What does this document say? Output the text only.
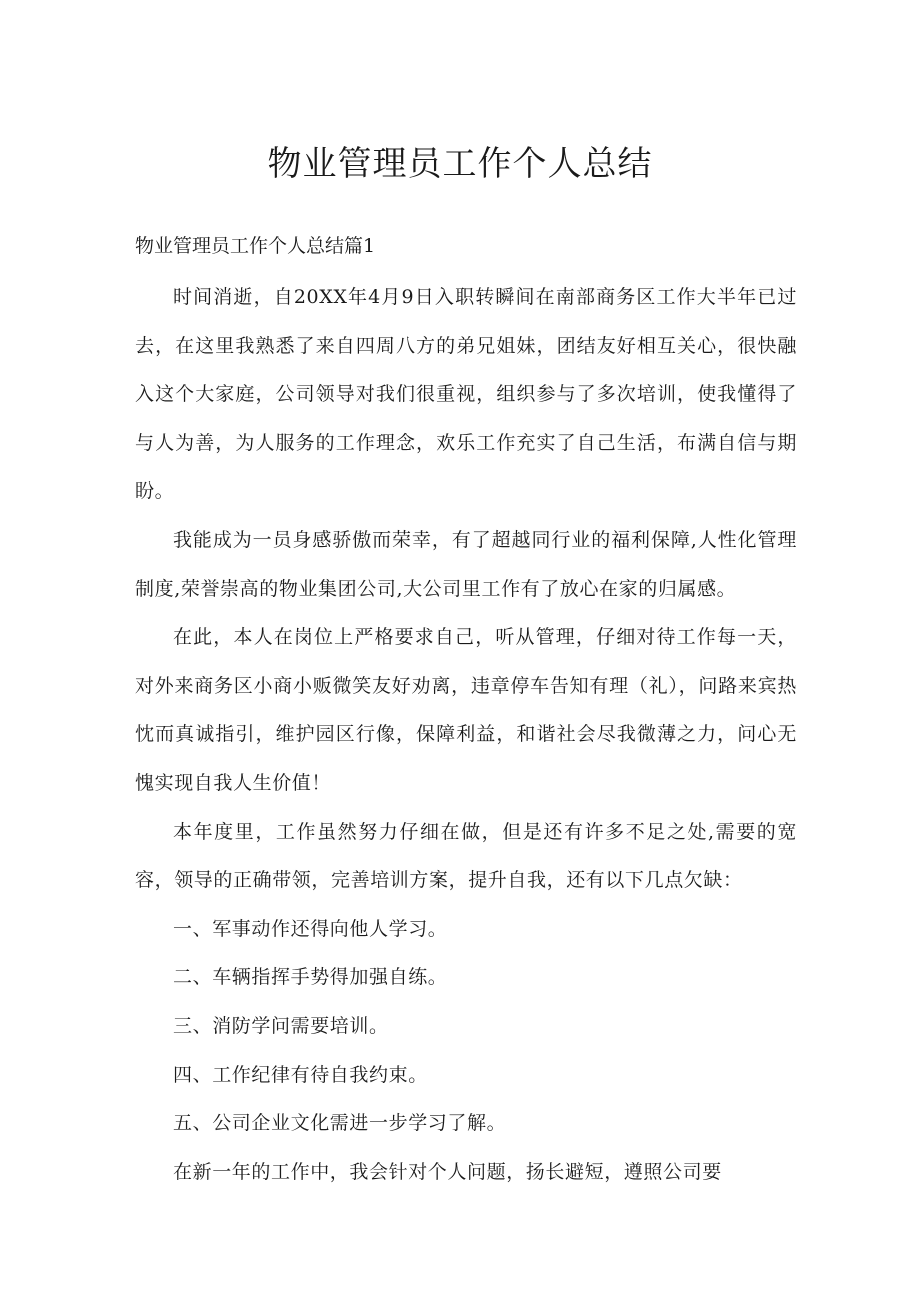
物业管理员工作个人总结
物业管理员工作个人总结篇1

时间消逝，自20XX年4月9日入职转瞬间在南部商务区工作大半年已过去，在这里我熟悉了来自四周八方的弟兄姐妹，团结友好相互关心，很快融入这个大家庭，公司领导对我们很重视，组织参与了多次培训，使我懂得了与人为善，为人服务的工作理念，欢乐工作充实了自己生活，布满自信与期盼。

我能成为一员身感骄傲而荣幸，有了超越同行业的福利保障,人性化管理制度,荣誉崇高的物业集团公司,大公司里工作有了放心在家的归属感。

在此，本人在岗位上严格要求自己，听从管理，仔细对待工作每一天，对外来商务区小商小贩微笑友好劝离，违章停车告知有理（礼），问路来宾热忱而真诚指引，维护园区行像，保障利益，和谐社会尽我微薄之力，问心无愧实现自我人生价值！

本年度里，工作虽然努力仔细在做，但是还有许多不足之处,需要的宽容，领导的正确带领，完善培训方案，提升自我，还有以下几点欠缺：

一、军事动作还得向他人学习。

二、车辆指挥手势得加强自练。

三、消防学问需要培训。

四、工作纪律有待自我约束。

五、公司企业文化需进一步学习了解。

在新一年的工作中，我会针对个人问题，扬长避短，遵照公司要
